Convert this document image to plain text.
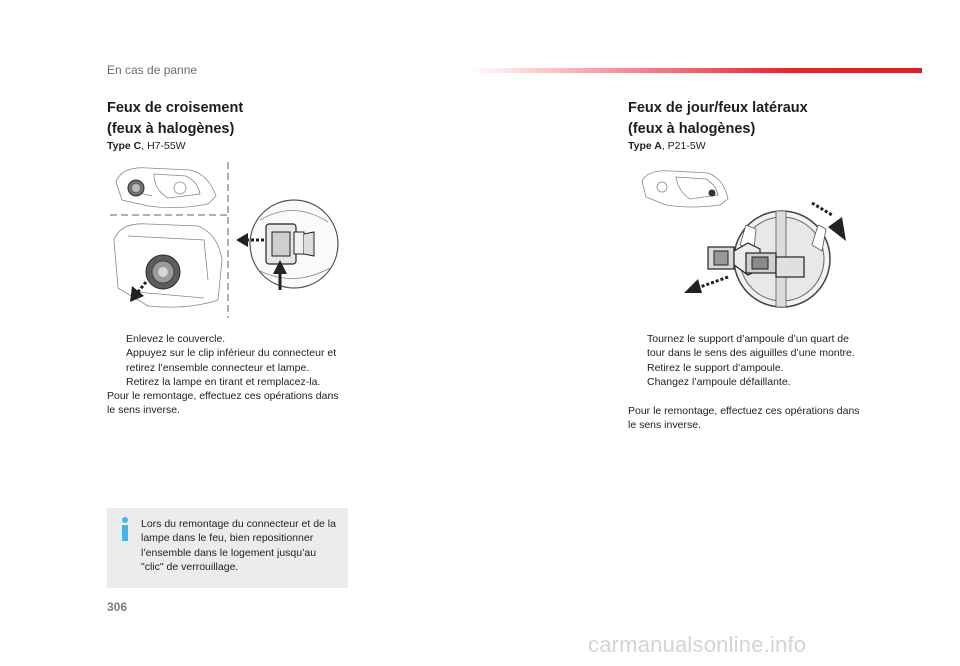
En cas de panne
Feux de croisement
(feux à halogènes)
Type C, H7-55W
Enlevez le couvercle.
Appuyez sur le clip inférieur du connecteur et retirez l’ensemble connecteur et lampe.
Retirez la lampe en tirant et remplacez-la.
Pour le remontage, effectuez ces opérations dans le sens inverse.
Lors du remontage du connecteur et de la lampe dans le feu, bien repositionner l’ensemble dans le logement jusqu’au "clic" de verrouillage.
Feux de jour/feux latéraux
(feux à halogènes)
Type A, P21-5W
Tournez le support d’ampoule d’un quart de tour dans le sens des aiguilles d’une montre.
Retirez le support d’ampoule.
Changez l’ampoule défaillante.
Pour le remontage, effectuez ces opérations dans le sens inverse.
306
carmanualsonline.info
